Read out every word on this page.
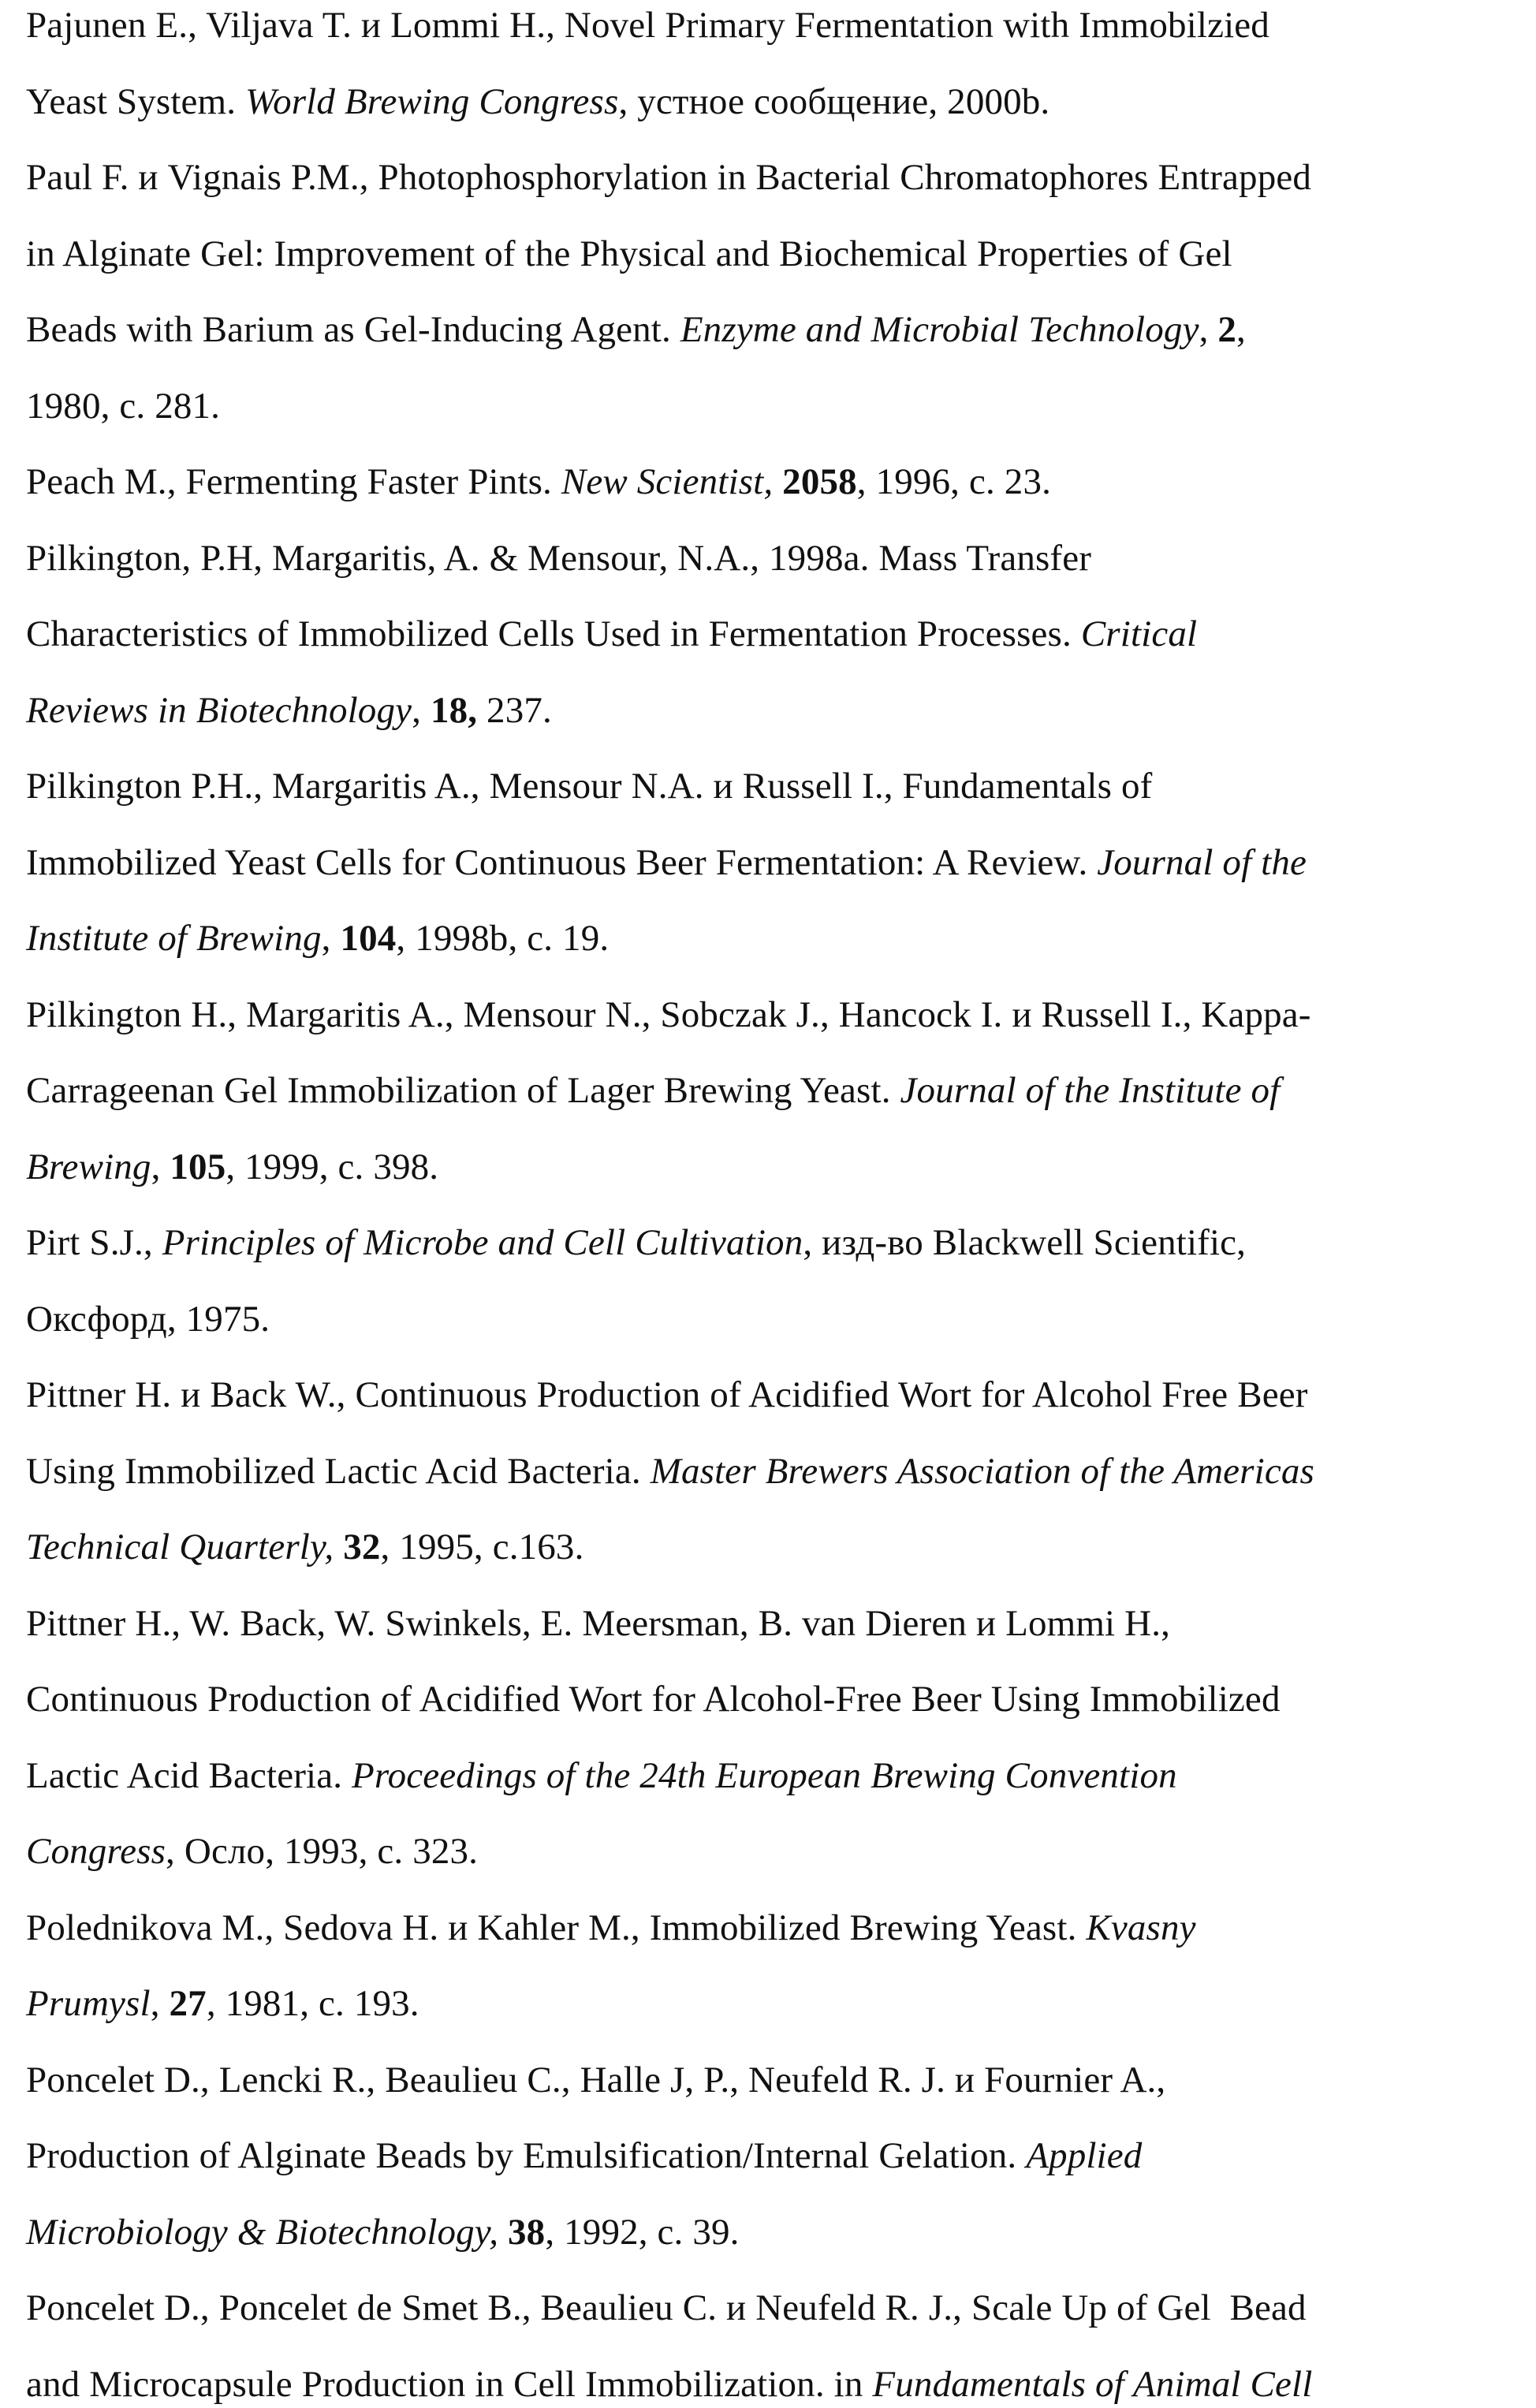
Pajunen E., Viljava T. и Lommi H., Novel Primary Fermentation with Immobilzied
Yeast System. World Brewing Congress, устное сообщение, 2000b.
Paul F. и Vignais P.M., Photophosphorylation in Bacterial Chromatophores Entrapped
in Alginate Gel: Improvement of the Physical and Biochemical Properties of Gel
Beads with Barium as Gel-Inducing Agent. Enzyme and Microbial Technology, 2,
1980, с. 281.
Peach M., Fermenting Faster Pints. New Scientist, 2058, 1996, с. 23.
Pilkington, P.H, Margaritis, A. & Mensour, N.A., 1998a. Mass Transfer
Characteristics of Immobilized Cells Used in Fermentation Processes. Critical
Reviews in Biotechnology, 18, 237.
Pilkington P.H., Margaritis A., Mensour N.A. и Russell I., Fundamentals of
Immobilized Yeast Cells for Continuous Beer Fermentation: A Review. Journal of the
Institute of Brewing, 104, 1998b, с. 19.
Pilkington H., Margaritis A., Mensour N., Sobczak J., Hancock I. и Russell I., Kappa-
Carrageenan Gel Immobilization of Lager Brewing Yeast. Journal of the Institute of
Brewing, 105, 1999, с. 398.
Pirt S.J., Principles of Microbe and Cell Cultivation, изд-во Blackwell Scientific,
Оксфорд, 1975.
Pittner H. и Back W., Continuous Production of Acidified Wort for Alcohol Free Beer
Using Immobilized Lactic Acid Bacteria. Master Brewers Association of the Americas
Technical Quarterly, 32, 1995, с.163.
Pittner H., W. Back, W. Swinkels, E. Meersman, B. van Dieren и Lommi H.,
Continuous Production of Acidified Wort for Alcohol-Free Beer Using Immobilized
Lactic Acid Bacteria. Proceedings of the 24th European Brewing Convention
Congress, Осло, 1993, с. 323.
Polednikova M., Sedova H. и Kahler M., Immobilized Brewing Yeast. Kvasny
Prumysl, 27, 1981, с. 193.
Poncelet D., Lencki R., Beaulieu C., Halle J, P., Neufeld R. J. и Fournier A.,
Production of Alginate Beads by Emulsification/Internal Gelation. Applied
Microbiology & Biotechnology, 38, 1992, с. 39.
Poncelet D., Poncelet de Smet B., Beaulieu C. и Neufeld R. J., Scale Up of Gel  Bead
and Microcapsule Production in Cell Immobilization. in Fundamentals of Animal Cell
